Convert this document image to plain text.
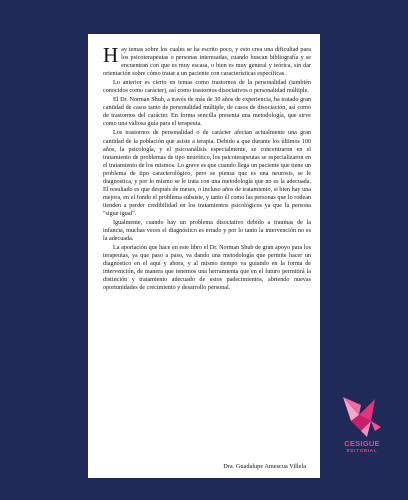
Hay temas sobre los cuales se ha escrito poco, y esto crea una dificultad para los psicoterapeutas o personas interesadas, cuando buscan bibliografía y se encuentran con que es muy escasa, o bien es muy general y teórica, sin dar orientación sobre cómo tratar a un paciente con características específicas.

Lo anterior es cierto en temas como trastornos de la personalidad (también conocidos como carácter), así como trastornos disociativos o personalidad múltiple.

El Dr. Norman Shub, a través de más de 30 años de experiencia, ha tratado gran cantidad de casos tanto de personalidad múltiple, de casos de disociación, así como de trastornos del carácter. En forma sencilla presenta una metodología, que sirve como una valiosa guía para el terapeuta.

Los trastornos de personalidad o de carácter afectan actualmente una gran cantidad de la población que asiste a terapia. Debido a que durante los últimos 100 años, la psicología, y el psicoanálisis especialmente, se concentraron en el tratamiento de problemas de tipo neurótico, los psicoterapeutas se especializaron en el tratamiento de los mismos. Lo grave es que cuando llega un paciente que tiene un problema de tipo caracterológico, pero se piensa que es una neurosis, se le diagnostica, y por lo mismo se le trata con una metodología que no es la adecuada. El resultado es que después de meses, o incluso años de tratamiento, si bien hay una mejora, en el fondo el problema subsiste, y tanto él como las personas que lo rodean tienden a perder credibilidad en los tratamientos psicológicos ya que la persona "sigue igual".

Igualmente, cuando hay un problema disociativo debido a traumas de la infancia, muchas veces el diagnóstico es errado y por lo tanto la intervención no es la adecuada.

La aportación que hace en este libro el Dr. Norman Shub de gran apoyo para los terapeutas, ya que paso a paso, va dando una metodología que permite hacer un diagnóstico en el aquí y ahora, y al mismo tiempo va guiando en la forma de intervención, de manera que tenemos una herramienta que en el futuro permitirá la distinción y tratamiento adecuado de estos padecimientos, abriendo nuevas oportunidades de crecimiento y desarrollo personal.

Dra. Guadalupe Amescua Villela
CESIGUE
EDITORIAL
